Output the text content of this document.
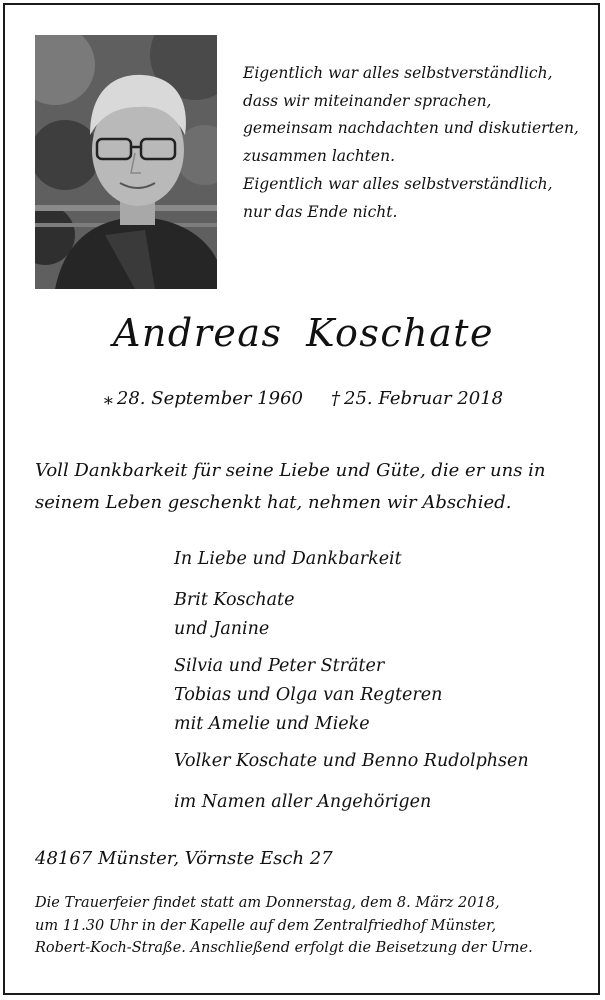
Eigentlich war alles selbstverständlich,
dass wir miteinander sprachen,
gemeinsam nachdachten und diskutierten,
zusammen lachten.
Eigentlich war alles selbstverständlich,
nur das Ende nicht.
Andreas Koschate
⁎ 28. September 1960 † 25. Februar 2018
Voll Dankbarkeit für seine Liebe und Güte, die er uns in
seinem Leben geschenkt hat, nehmen wir Abschied.
In Liebe und Dankbarkeit
Brit Koschate
und Janine
Silvia und Peter Sträter
Tobias und Olga van Regteren
mit Amelie und Mieke
Volker Koschate und Benno Rudolphsen
im Namen aller Angehörigen
48167 Münster, Vörnste Esch 27
Die Trauerfeier findet statt am Donnerstag, dem 8. März 2018,
um 11.30 Uhr in der Kapelle auf dem Zentralfriedhof Münster,
Robert-Koch-Straße. Anschließend erfolgt die Beisetzung der Urne.
